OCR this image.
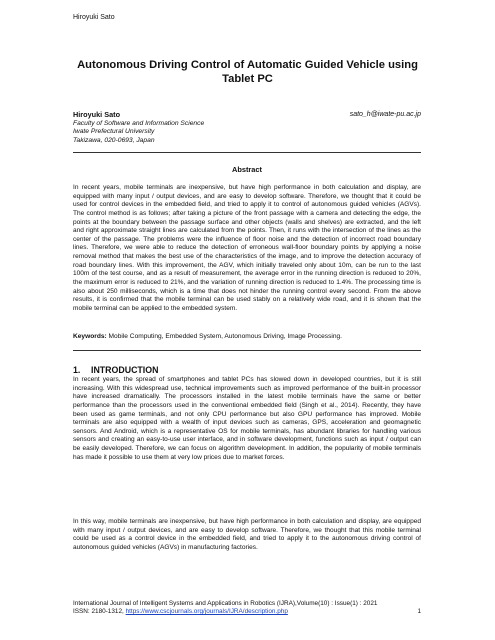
Hiroyuki Sato
Autonomous Driving Control of Automatic Guided Vehicle using Tablet PC
Hiroyuki Sato	sato_h@iwate-pu.ac.jp
Faculty of Software and Information Science
Iwate Prefectural University
Takizawa, 020-0693, Japan
Abstract
In recent years, mobile terminals are inexpensive, but have high performance in both calculation and display, are equipped with many input / output devices, and are easy to develop software. Therefore, we thought that it could be used for control devices in the embedded field, and tried to apply it to control of autonomous guided vehicles (AGVs). The control method is as follows; after taking a picture of the front passage with a camera and detecting the edge, the points at the boundary between the passage surface and other objects (walls and shelves) are extracted, and the left and right approximate straight lines are calculated from the points. Then, it runs with the intersection of the lines as the center of the passage. The problems were the influence of floor noise and the detection of incorrect road boundary lines. Therefore, we were able to reduce the detection of erroneous wall-floor boundary points by applying a noise removal method that makes the best use of the characteristics of the image, and to improve the detection accuracy of road boundary lines. With this improvement, the AGV, which initially traveled only about 10m, can be run to the last 100m of the test course, and as a result of measurement, the average error in the running direction is reduced to 20%, the maximum error is reduced to 21%, and the variation of running direction is reduced to 1.4%. The processing time is also about 250 milliseconds, which is a time that does not hinder the running control every second. From the above results, it is confirmed that the mobile terminal can be used stably on a relatively wide road, and it is shown that the mobile terminal can be applied to the embedded system.
Keywords: Mobile Computing, Embedded System, Autonomous Driving, Image Processing.
1. INTRODUCTION
In recent years, the spread of smartphones and tablet PCs has slowed down in developed countries, but it is still increasing. With this widespread use, technical improvements such as improved performance of the built-in processor have increased dramatically. The processors installed in the latest mobile terminals have the same or better performance than the processors used in the conventional embedded field (Singh et al., 2014). Recently, they have been used as game terminals, and not only CPU performance but also GPU performance has improved. Mobile terminals are also equipped with a wealth of input devices such as cameras, GPS, acceleration and geomagnetic sensors. And Android, which is a representative OS for mobile terminals, has abundant libraries for handling various sensors and creating an easy-to-use user interface, and in software development, functions such as input / output can be easily developed. Therefore, we can focus on algorithm development. In addition, the popularity of mobile terminals has made it possible to use them at very low prices due to market forces.
In this way, mobile terminals are inexpensive, but have high performance in both calculation and display, are equipped with many input / output devices, and are easy to develop software. Therefore, we thought that this mobile terminal could be used as a control device in the embedded field, and tried to apply it to the autonomous driving control of autonomous guided vehicles (AGVs) in manufacturing factories.
International Journal of Intelligent Systems and Applications in Robotics (IJRA),Volume(10) : Issue(1) : 2021
ISSN: 2180-1312, https://www.cscjournals.org/journals/IJRA/description.php	1
